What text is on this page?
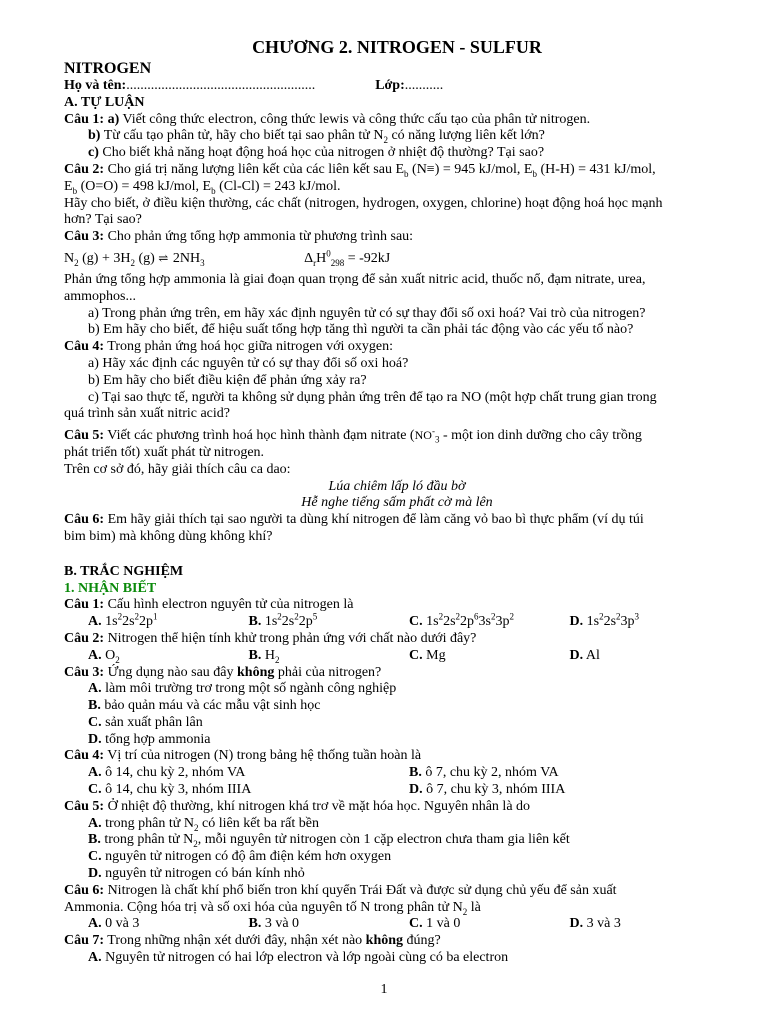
CHƯƠNG 2. NITROGEN - SULFUR
NITROGEN
Họ và tên:......................................................	Lớp:...........
A. TỰ LUẬN
Câu 1: a) Viết công thức electron, công thức lewis và công thức cấu tạo của phân tử nitrogen.
b) Từ cấu tạo phân tử, hãy cho biết tại sao phân tử $N_2$ có năng lượng liên kết lớn?
c) Cho biết khả năng hoạt động hoá học của nitrogen ở nhiệt độ thường? Tại sao?
Câu 2: Cho giá trị năng lượng liên kết của các liên kết sau $E_b$ (N≡) = 945 kJ/mol, $E_b$ (H-H) = 431 kJ/mol,
$E_b$ (O=O) = 498 kJ/mol, $E_b$ (Cl-Cl) = 243 kJ/mol.
Hãy cho biết, ở điều kiện thường, các chất (nitrogen, hydrogen, oxygen, chlorine) hoạt động hoá học mạnh
hơn? Tại sao?
Câu 3: Cho phản ứng tổng hợp ammonia từ phương trình sau:
$N_2$ $(g) + 3H_2$ (g) ⇌ $2NH_3$	$\Delta_rH^0_{298} = -92kJ$
Phản ứng tổng hợp ammonia là giai đoạn quan trọng để sản xuất nitric acid, thuốc nổ, đạm nitrate, urea,
ammophos...
a) Trong phản ứng trên, em hãy xác định nguyên tử có sự thay đổi số oxi hoá? Vai trò của nitrogen?
b) Em hãy cho biết, để hiệu suất tổng hợp tăng thì người ta cần phải tác động vào các yếu tố nào?
Câu 4: Trong phản ứng hoá học giữa nitrogen với oxygen:
a) Hãy xác định các nguyên tử có sự thay đổi số oxi hoá?
b) Em hãy cho biết điều kiện để phản ứng xảy ra?
c) Tại sao thực tế, người ta không sử dụng phản ứng trên để tạo ra NO (một hợp chất trung gian trong
quá trình sản xuất nitric acid?
Câu 5: Viết các phương trình hoá học hình thành đạm nitrate ($NO^-_3$ - một ion dinh dưỡng cho cây trồng
phát triển tốt) xuất phát từ nitrogen.
Trên cơ sở đó, hãy giải thích câu ca dao:
Lúa chiêm lấp ló đầu bờ
Hễ nghe tiếng sấm phất cờ mà lên
Câu 6: Em hãy giải thích tại sao người ta dùng khí nitrogen để làm căng vỏ bao bì thực phẩm (ví dụ túi
bim bim) mà không dùng không khí?
B. TRẮC NGHIỆM
1. NHẬN BIẾT
Câu 1: Cấu hình electron nguyên tử của nitrogen là
A. $1s^22s^22p^1$	B. $1s^22s^22p^5$	C. $1s^22s^22p^63s^23p^2$	D. $1s^22s^23p^3$
Câu 2: Nitrogen thể hiện tính khử trong phản ứng với chất nào dưới đây?
A. $O_2$	B. $H_2$	C. Mg	D. Al
Câu 3: Ứng dụng nào sau đây không phải của nitrogen?
A. làm môi trường trơ trong một số ngành công nghiệp
B. bảo quản máu và các mẫu vật sinh học
C. sản xuất phân lân
D. tổng hợp ammonia
Câu 4: Vị trí của nitrogen (N) trong bảng hệ thống tuần hoàn là
A. ô 14, chu kỳ 2, nhóm VA	B. ô 7, chu kỳ 2, nhóm VA
C. ô 14, chu kỳ 3, nhóm IIIA	D. ô 7, chu kỳ 3, nhóm IIIA
Câu 5: Ở nhiệt độ thường, khí nitrogen khá trơ về mặt hóa học. Nguyên nhân là do
A. trong phân tử $N_2$ có liên kết ba rất bền
B. trong phân tử $N_2$, mỗi nguyên tử nitrogen còn 1 cặp electron chưa tham gia liên kết
C. nguyên tử nitrogen có độ âm điện kém hơn oxygen
D. nguyên tử nitrogen có bán kính nhỏ
Câu 6: Nitrogen là chất khí phổ biến tron khí quyển Trái Đất và được sử dụng chủ yếu để sản xuất
Ammonia. Cộng hóa trị và số oxi hóa của nguyên tố N trong phân tử $N_2$ là
A. 0 và 3	B. 3 và 0	C. 1 và 0	D. 3 và 3
Câu 7: Trong những nhận xét dưới đây, nhận xét nào không đúng?
A. Nguyên tử nitrogen có hai lớp electron và lớp ngoài cùng có ba electron
1
